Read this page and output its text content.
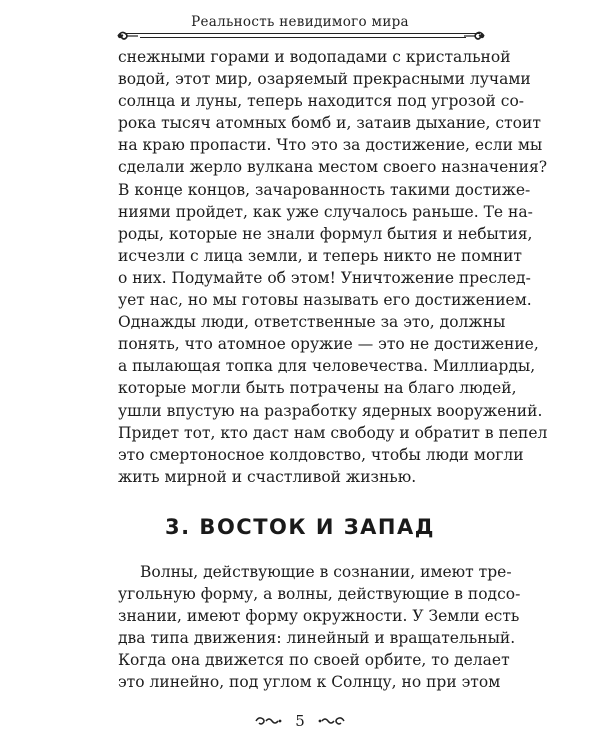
Реальность невидимого мира
снежными горами и водопадами с кристальной
водой, этот мир, озаряемый прекрасными лучами
солнца и луны, теперь находится под угрозой со-
рока тысяч атомных бомб и, затаив дыхание, стоит
на краю пропасти. Что это за достижение, если мы
сделали жерло вулкана местом своего назначения?
В конце концов, зачарованность такими достиже-
ниями пройдет, как уже случалось раньше. Те на-
роды, которые не знали формул бытия и небытия,
исчезли с лица земли, и теперь никто не помнит
о них. Подумайте об этом! Уничтожение преслед-
ует нас, но мы готовы называть его достижением.
Однажды люди, ответственные за это, должны
понять, что атомное оружие — это не достижение,
а пылающая топка для человечества. Миллиарды,
которые могли быть потрачены на благо людей,
ушли впустую на разработку ядерных вооружений.
Придет тот, кто даст нам свободу и обратит в пепел
это смертоносное колдовство, чтобы люди могли
жить мирной и счастливой жизнью.
3. ВОСТОК И ЗАПАД
Волны, действующие в сознании, имеют тре-
угольную форму, а волны, действующие в подсо-
знании, имеют форму окружности. У Земли есть
два типа движения: линейный и вращательный.
Когда она движется по своей орбите, то делает
это линейно, под углом к Солнцу, но при этом
5
